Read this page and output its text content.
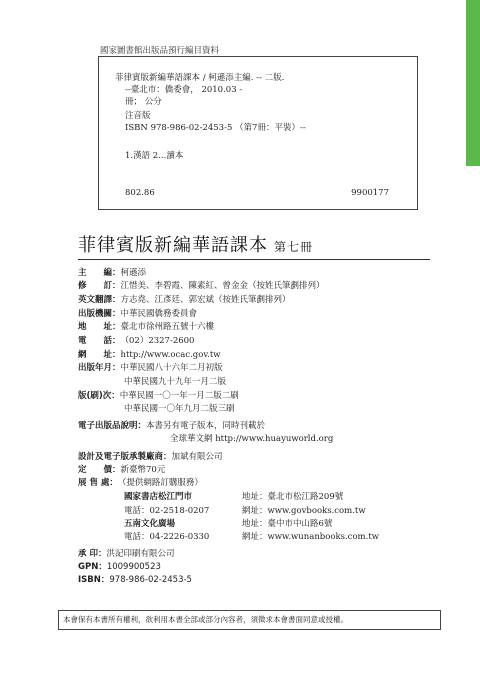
國家圖書館出版品預行編目資料
菲律賓版新編華語課本 / 柯遜添主編. -- 二版.
--臺北市：僑委會， 2010.03 -
冊； 公分
注音版
ISBN 978-986-02-2453-5 （第7冊：平裝）--
1.漢語 2...讀本
802.86	9900177
菲律賓版新編華語課本 第七冊
主　　編：柯遜添
修　　訂：江惜美、李碧霞、陳素紅、曾金金（按姓氏筆劃排列）
英文翻譯：方志堯、江彥廷、郭宏斌（按姓氏筆劃排列）
出版機關：中華民國僑務委員會
地　　址：臺北市徐州路五號十六樓
電　　話：（02）2327-2600
網　　址：http://www.ocac.gov.tw
出版年月：中華民國八十六年二月初版
中華民國九十九年一月二版
版(刷)次：中華民國一〇一年一月二版二刷
中華民國一〇年九月二版三刷
電子出版品說明：本書另有電子版本，同時刊載於
全球華文網 http://www.huayuworld.org
設計及電子版承製廠商：加斌有限公司
定　　價：新臺幣70元
展 售 處：（提供網路訂購服務）
國家書店松江門市	地址：臺北市松江路209號
電話：02-2518-0207	網址：www.govbooks.com.tw
五南文化廣場	地址：臺中市中山路6號
電話：04-2226-0330	網址：www.wunanbooks.com.tw
承 印：洪記印刷有限公司
GPN：1009900523
ISBN：978-986-02-2453-5
本會保有本書所有權利，欲利用本書全部或部分內容者，須徵求本會書面同意或授權。
